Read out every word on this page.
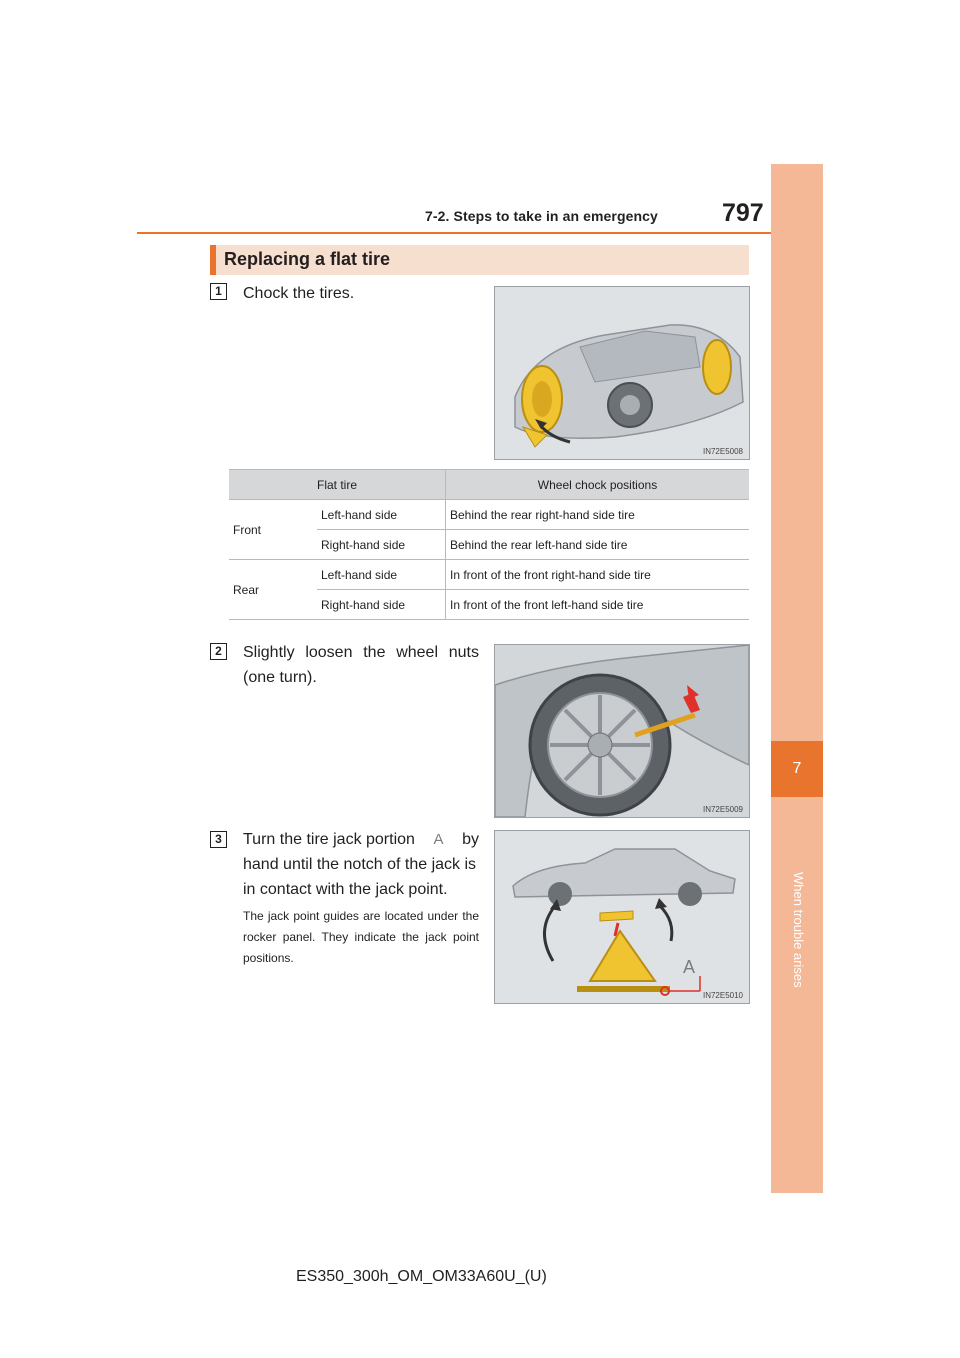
7-2. Steps to take in an emergency	797
7
Replacing a flat tire
1	Chock the tires.
IN72E5008
Flat tire		Wheel chock positions
Front	Left-hand side	Behind the rear right-hand side tire
	Right-hand side	Behind the rear left-hand side tire
Rear	Left-hand side	In front of the front right-hand side tire
	Right-hand side	In front of the front left-hand side tire
2	Slightly loosen the wheel nuts
(one turn).
IN72E5009
3	Turn the tire jack portion A by
hand until the notch of the jack is
in contact with the jack point.
The jack point guides are located under the rocker panel. They indicate the jack point positions.	A
IN72E5010
ES350_300h_OM_OM33A60U_(U)
